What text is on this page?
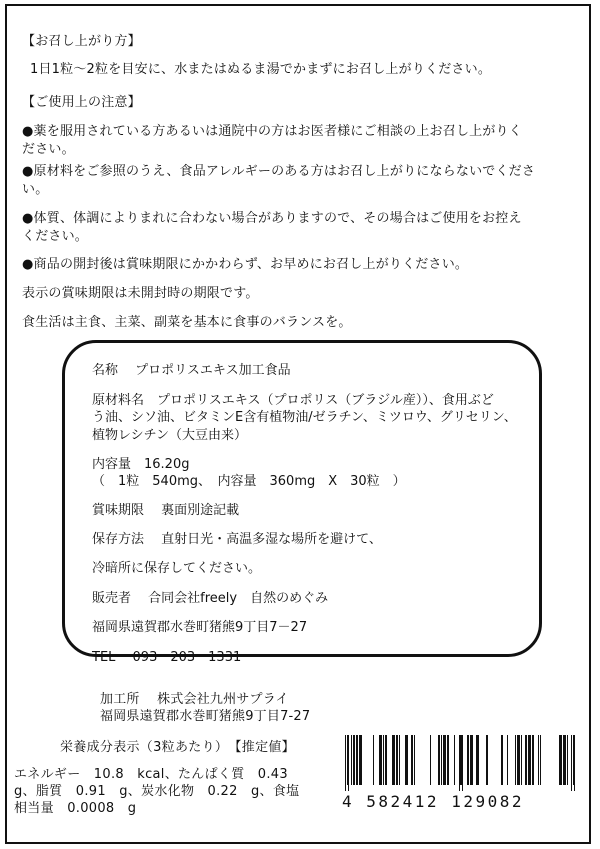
【お召し上がり方】
1日1粒～2粒を目安に、水またはぬるま湯でかまずにお召し上がりください。
【ご使用上の注意】
●薬を服用されている方あるいは通院中の方はお医者様にご相談の上お召し上がりく
ださい。
●原材料をご参照のうえ、食品アレルギーのある方はお召し上がりにならないでくださ
い。
●体質、体調によりまれに合わない場合がありますので、その場合はご使用をお控え
ください。
●商品の開封後は賞味期限にかかわらず、お早めにお召し上がりください。
表示の賞味期限は未開封時の期限です。
食生活は主食、主菜、副菜を基本に食事のバランスを。
名称　 プロポリスエキス加工食品
原材料名　プロポリスエキス（プロポリス（ブラジル産））、食用ぶど
う油、シソ油、ビタミンE含有植物油/ゼラチン、ミツロウ、グリセリン、
植物レシチン（大豆由来）
内容量　16.20g
（　1粒　540mg、　内容量　360mg　X　30粒　）
賞味期限　 裏面別途記載
保存方法　 直射日光・高温多湿な場所を避けて、
冷暗所に保存してください。
販売者　 合同会社freely　自然のめぐみ
福岡県遠賀郡水巻町猪熊9丁目7－27
TEL　 093－203－1331
加工所　 株式会社九州サプライ
福岡県遠賀郡水巻町猪熊9丁目7-27
栄養成分表示（3粒あたり）　【推定値】
エネルギー　10.8　kcal、たんぱく質　0.43
g、脂質　0.91　g、炭水化物　0.22　g、食塩
相当量　0.0008　g	4 582412 129082
